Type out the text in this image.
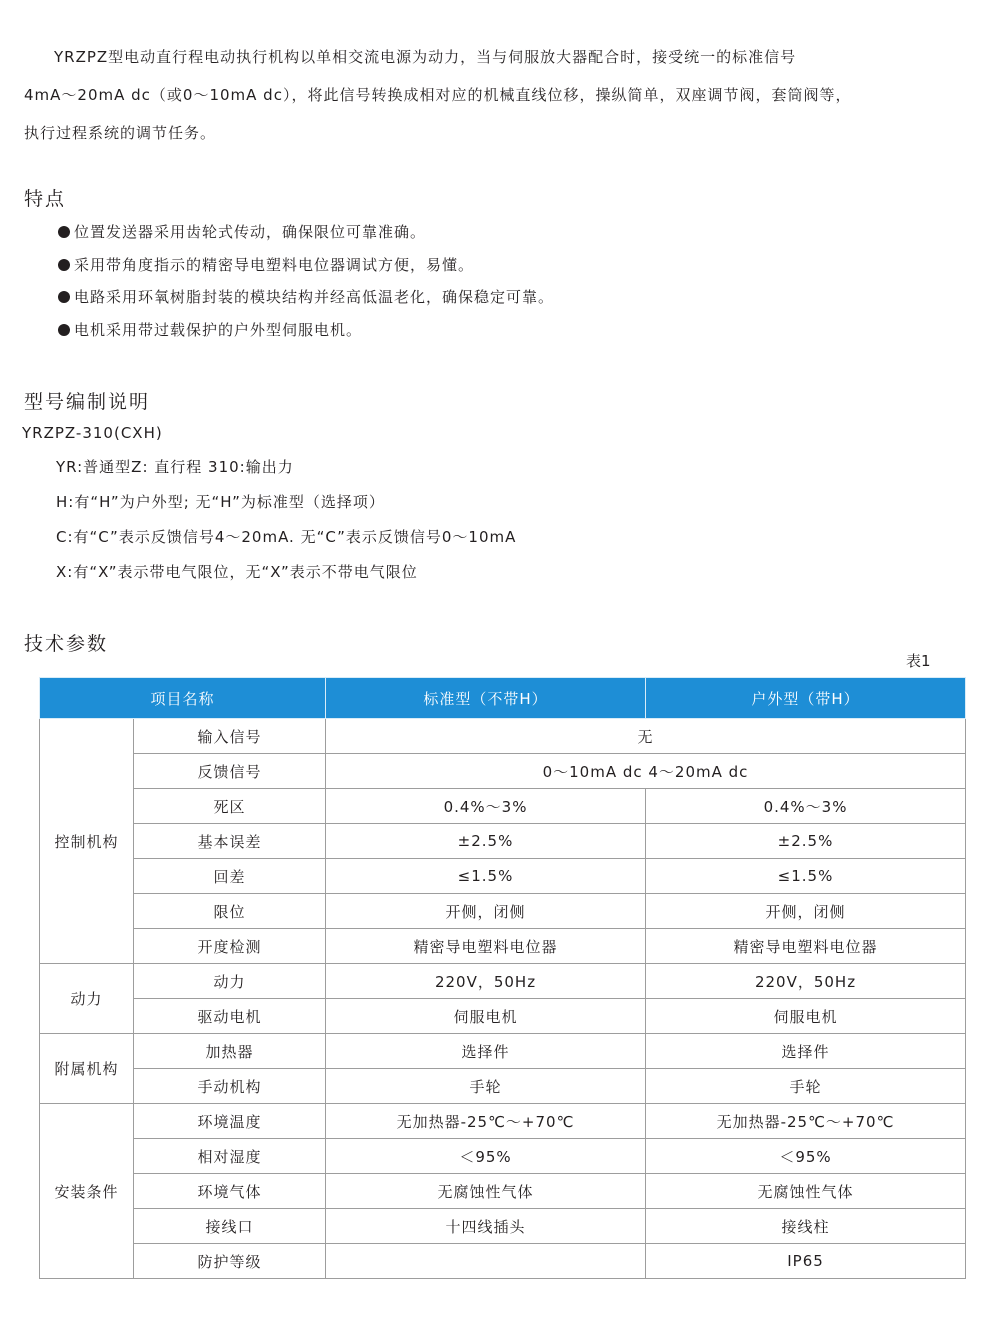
YRZPZ型电动直行程电动执行机构以单相交流电源为动力，当与伺服放大器配合时，接受统一的标准信号
4mA～20mA dc（或0～10mA dc），将此信号转换成相对应的机械直线位移，操纵简单，双座调节阀，套筒阀等，
执行过程系统的调节任务。
特点
位置发送器采用齿轮式传动，确保限位可靠准确。
采用带角度指示的精密导电塑料电位器调试方便，易懂。
电路采用环氧树脂封装的模块结构并经高低温老化，确保稳定可靠。
电机采用带过载保护的户外型伺服电机。
型号编制说明
YRZPZ-310(CXH)
YR:普通型Z: 直行程 310:输出力
H:有“H”为户外型; 无“H”为标准型（选择项）
C:有“C”表示反馈信号4～20mA. 无“C”表示反馈信号0～10mA
X:有“X”表示带电气限位，无“X”表示不带电气限位
技术参数
表1
项目名称		标准型（不带H）	户外型（带H）
控制机构	输入信号	无	
	反馈信号	0～10mA dc 4～20mA dc	
	死区	0.4%～3%	0.4%～3%
	基本误差	±2.5%	±2.5%
	回差	≤1.5%	≤1.5%
	限位	开侧，闭侧	开侧，闭侧
	开度检测	精密导电塑料电位器	精密导电塑料电位器
动力	动力	220V，50Hz	220V，50Hz
	驱动电机	伺服电机	伺服电机
附属机构	加热器	选择件	选择件
	手动机构	手轮	手轮
安装条件	环境温度	无加热器-25℃～+70℃	无加热器-25℃～+70℃
	相对湿度	＜95%	＜95%
	环境气体	无腐蚀性气体	无腐蚀性气体
	接线口	十四线插头	接线柱
	防护等级		IP65
